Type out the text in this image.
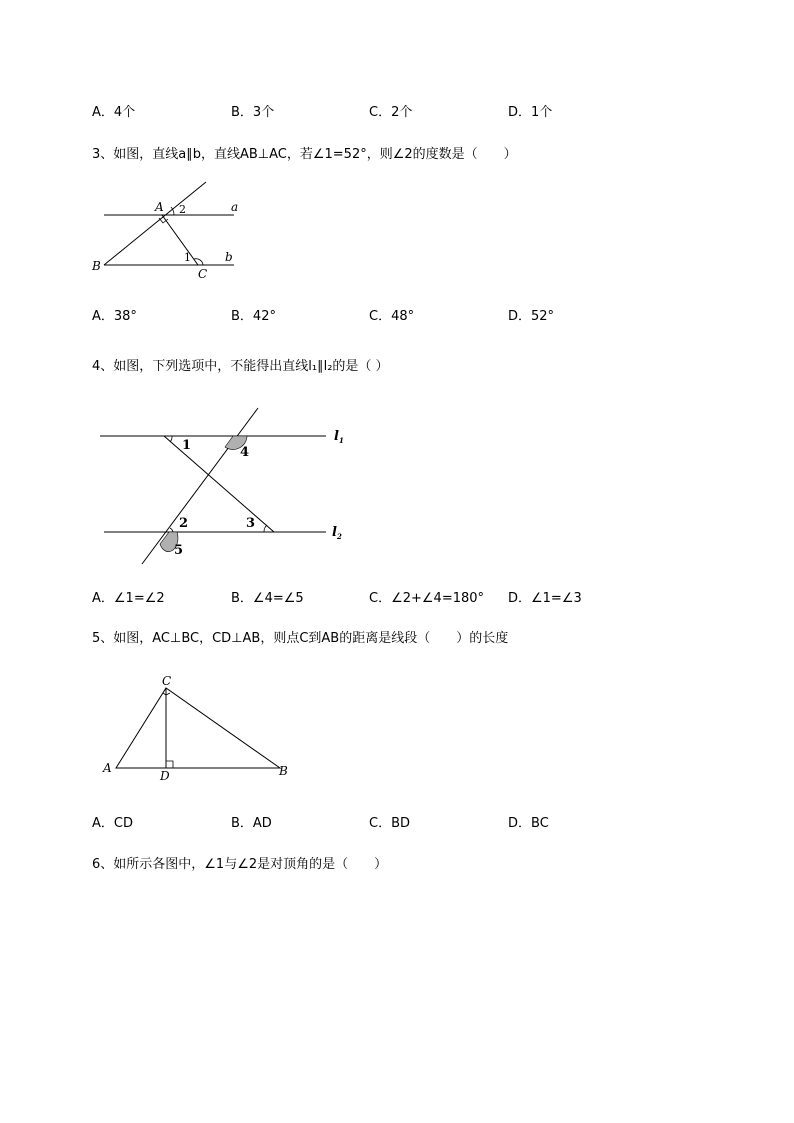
A．4个	B．3个	C．2个	D．1个
3、如图，直线a∥b，直线AB⊥AC，若∠1=52°，则∠2的度数是（　　）
A
B
C
a
b
1
2
A．38°	B．42°	C．48°	D．52°
4、如图，下列选项中，不能得出直线l₁∥l₂的是（ ）
1	4
2	3
5
$l_1$
$l_2$
A．∠1=∠2	B．∠4=∠5	C．∠2+∠4=180° D．∠1=∠3
5、如图，AC⊥BC，CD⊥AB，则点C到AB的距离是线段（　　）的长度
C
A
D	B
A．CD	B．AD	C．BD	D．BC
6、如所示各图中，∠1与∠2是对顶角的是（　　）
